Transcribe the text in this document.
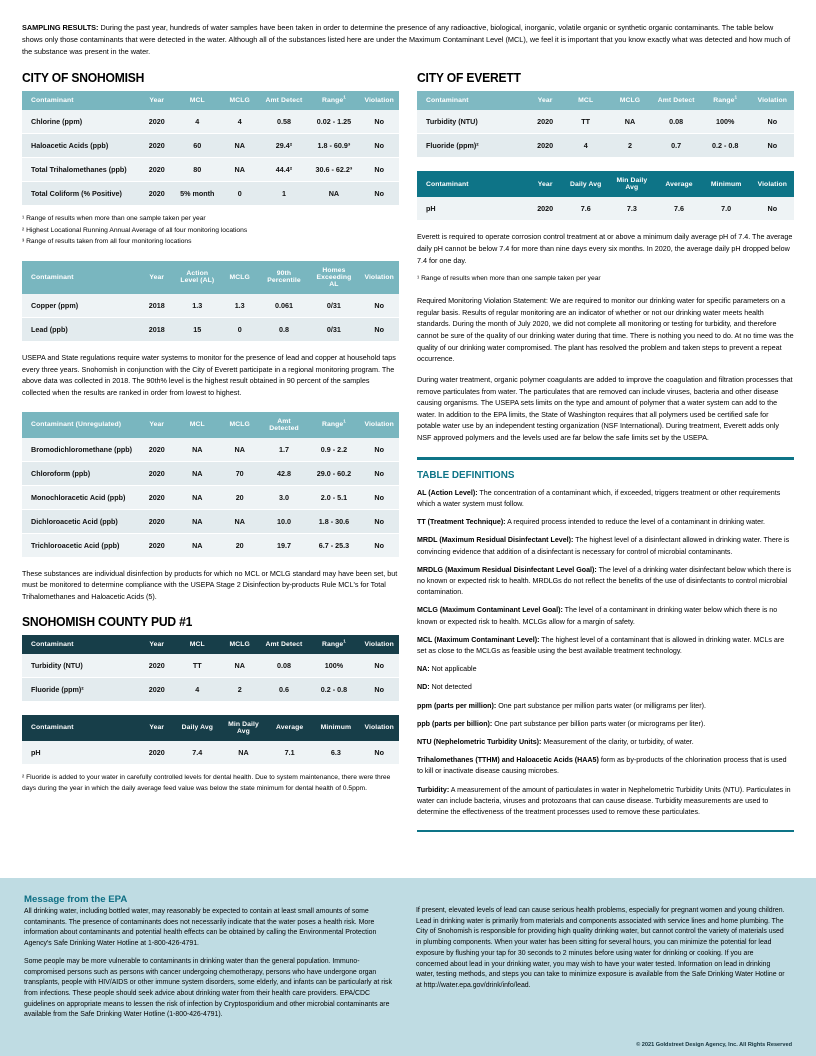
SAMPLING RESULTS: During the past year, hundreds of water samples have been taken in order to determine the presence of any radioactive, biological, inorganic, volatile organic or synthetic organic contaminants. The table below shows only those contaminants that were detected in the water. Although all of the substances listed here are under the Maximum Contaminant Level (MCL), we feel it is important that you know exactly what was detected and how much of the substance was present in the water.
CITY OF SNOHOMISH
Contaminant	Year	MCL	MCLG	Amt Detect	Range$^1$	Violation
Chlorine (ppm)	2020	4	4	0.58	0.02 - 1.25	No
Haloacetic Acids (ppb)	2020	60	NA	29.4²	1.8 - 60.9³	No
Total Trihalomethanes (ppb)	2020	80	NA	44.4²	30.6 - 62.2³	No
Total Coliform (% Positive)	2020	5% month	0	1	NA	No
¹ Range of results when more than one sample taken per year
² Highest Locational Running Annual Average of all four monitoring locations
³ Range of results taken from all four monitoring locations
Contaminant	Year	Action Level (AL)	MCLG	90th Percentile	Homes Exceeding AL	Violation
Copper (ppm)	2018	1.3	1.3	0.061	0/31	No
Lead (ppb)	2018	15	0	0.8	0/31	No
USEPA and State regulations require water systems to monitor for the presence of lead and copper at household taps every three years. Snohomish in conjunction with the City of Everett participate in a regional monitoring program. The above data was collected in 2018. The 90th% level is the highest result obtained in 90 percent of the samples collected when the results are ranked in order from lowest to highest.
Contaminant (Unregulated)	Year	MCL	MCLG	Amt Detected	Range$^1$	Violation
Bromodichloromethane (ppb)	2020	NA	NA	1.7	0.9 - 2.2	No
Chloroform (ppb)	2020	NA	70	42.8	29.0 - 60.2	No
Monochloracetic Acid (ppb)	2020	NA	20	3.0	2.0 - 5.1	No
Dichloroacetic Acid (ppb)	2020	NA	NA	10.0	1.8 - 30.6	No
Trichloroacetic Acid (ppb)	2020	NA	20	19.7	6.7 - 25.3	No
These substances are individual disinfection by products for which no MCL or MCLG standard may have been set, but must be monitored to determine compliance with the USEPA Stage 2 Disinfection by-products Rule MCL's for Total Trihalomethanes and Haloacetic Acids (5).
SNOHOMISH COUNTY PUD #1
Contaminant	Year	MCL	MCLG	Amt Detect	Range$^1$	Violation
Turbidity (NTU)	2020	TT	NA	0.08	100%	No
Fluoride (ppm)²	2020	4	2	0.6	0.2 - 0.8	No
Contaminant	Year	Daily Avg	Min Daily Avg	Average	Minimum	Violation
pH	2020	7.4	NA	7.1	6.3	No
² Fluoride is added to your water in carefully controlled levels for dental health. Due to system maintenance, there were three days during the year in which the daily average feed value was below the state minimum for dental health of 0.5ppm.
CITY OF EVERETT
Contaminant	Year	MCL	MCLG	Amt Detect	Range$^1$	Violation
Turbidity (NTU)	2020	TT	NA	0.08	100%	No
Fluoride (ppm)²	2020	4	2	0.7	0.2 - 0.8	No
Contaminant	Year	Daily Avg	Min Daily Avg	Average	Minimum	Violation
pH	2020	7.6	7.3	7.6	7.0	No
Everett is required to operate corrosion control treatment at or above a minimum daily average pH of 7.4. The average daily pH cannot be below 7.4 for more than nine days every six months. In 2020, the average daily pH dropped below 7.4 for one day.
¹ Range of results when more than one sample taken per year
Required Monitoring Violation Statement: We are required to monitor our drinking water for specific parameters on a regular basis. Results of regular monitoring are an indicator of whether or not our drinking water meets health standards. During the month of July 2020, we did not complete all monitoring or testing for turbidity, and therefore cannot be sure of the quality of our drinking water during that time. There is nothing you need to do. At no time was the quality of our drinking water compromised. The plant has resolved the problem and taken steps to prevent a repeat occurrence.
During water treatment, organic polymer coagulants are added to improve the coagulation and filtration processes that remove particulates from water. The particulates that are removed can include viruses, bacteria and other disease causing organisms. The USEPA sets limits on the type and amount of polymer that a water system can add to the water. In addition to the EPA limits, the State of Washington requires that all polymers used be certified safe for potable water use by an independent testing organization (NSF International). During treatment, Everett adds only NSF approved polymers and the levels used are far below the safe limits set by the USEPA.
TABLE DEFINITIONS
AL (Action Level): The concentration of a contaminant which, if exceeded, triggers treatment or other requirements which a water system must follow.
TT (Treatment Technique): A required process intended to reduce the level of a contaminant in drinking water.
MRDL (Maximum Residual Disinfectant Level): The highest level of a disinfectant allowed in drinking water. There is convincing evidence that addition of a disinfectant is necessary for control of microbial contaminants.
MRDLG (Maximum Residual Disinfectant Level Goal): The level of a drinking water disinfectant below which there is no known or expected risk to health. MRDLGs do not reflect the benefits of the use of disinfectants to control microbial contamination.
MCLG (Maximum Contaminant Level Goal): The level of a contaminant in drinking water below which there is no known or expected risk to health. MCLGs allow for a margin of safety.
MCL (Maximum Contaminant Level): The highest level of a contaminant that is allowed in drinking water. MCLs are set as close to the MCLGs as feasible using the best available treatment technology.
NA: Not applicable
ND: Not detected
ppm (parts per million): One part substance per million parts water (or milligrams per liter).
ppb (parts per billion): One part substance per billion parts water (or micrograms per liter).
NTU (Nephelometric Turbidity Units): Measurement of the clarity, or turbidity, of water.
Trihalomethanes (TTHM) and Haloacetic Acids (HAA5) form as by-products of the chlorination process that is used to kill or inactivate disease causing microbes.
Turbidity: A measurement of the amount of particulates in water in Nephelometric Turbidity Units (NTU). Particulates in water can include bacteria, viruses and protozoans that can cause disease. Turbidity measurements are used to determine the effectiveness of the treatment processes used to remove these particulates.
Message from the EPA

All drinking water, including bottled water, may reasonably be expected to contain at least small amounts of some contaminants. The presence of contaminants does not necessarily indicate that the water poses a health risk. More information about contaminants and potential health effects can be obtained by calling the Environmental Protection Agency's Safe Drinking Water Hotline at 1-800-426-4791.

Some people may be more vulnerable to contaminants in drinking water than the general population. Immuno-compromised persons such as persons with cancer undergoing chemotherapy, persons who have undergone organ transplants, people with HIV/AIDS or other immune system disorders, some elderly, and infants can be particularly at risk from infections. These people should seek advice about drinking water from their health care providers. EPA/CDC guidelines on appropriate means to lessen the risk of infection by Cryptosporidium and other microbial contaminants are available from the Safe Drinking Water Hotline (1-800-426-4791).

If present, elevated levels of lead can cause serious health problems, especially for pregnant women and young children. Lead in drinking water is primarily from materials and components associated with service lines and home plumbing. The City of Snohomish is responsible for providing high quality drinking water, but cannot control the variety of materials used in plumbing components. When your water has been sitting for several hours, you can minimize the potential for lead exposure by flushing your tap for 30 seconds to 2 minutes before using water for drinking or cooking. If you are concerned about lead in your drinking water, you may wish to have your water tested. Information on lead in drinking water, testing methods, and steps you can take to minimize exposure is available from the Safe Drinking Water Hotline or at http://water.epa.gov/drink/info/lead.

© 2021 Goldstreet Design Agency, Inc. All Rights Reserved
